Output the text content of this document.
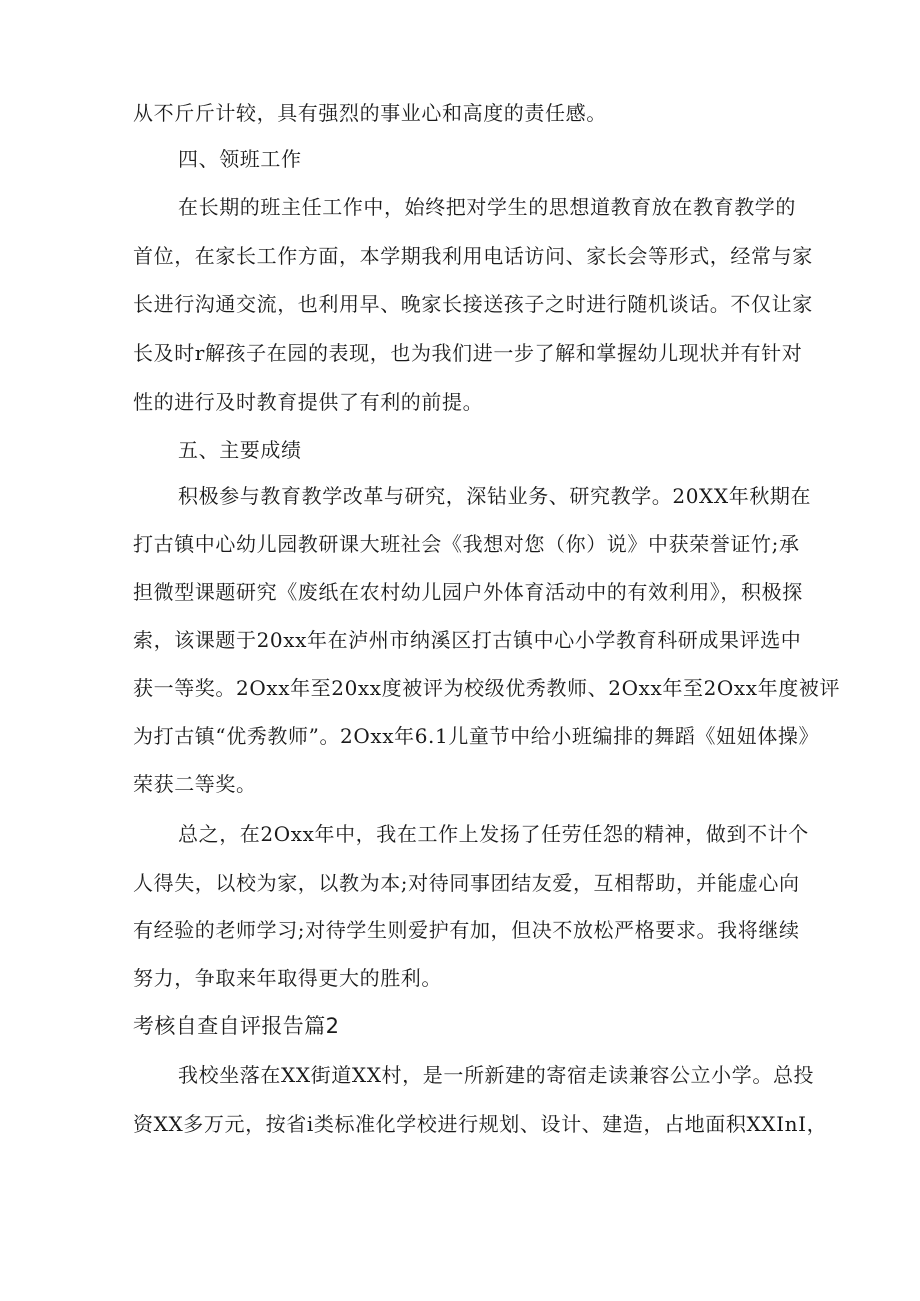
从不斤斤计较，具有强烈的事业心和高度的责任感。
四、领班工作
在长期的班主任工作中，始终把对学生的思想道教育放在教育教学的
首位，在家长工作方面，本学期我利用电话访问、家长会等形式，经常与家
长进行沟通交流，也利用早、晚家长接送孩子之时进行随机谈话。不仅让家
长及时r解孩子在园的表现，也为我们进一步了解和掌握幼儿现状并有针对
性的进行及时教育提供了有利的前提。
五、主要成绩
积极参与教育教学改革与研究，深钻业务、研究教学。20XX年秋期在
打古镇中心幼儿园教研课大班社会《我想对您（你）说》中获荣誉证竹;承
担微型课题研究《废纸在农村幼儿园户外体育活动中的有效利用》，积极探
索，该课题于20xx年在泸州市纳溪区打古镇中心小学教育科研成果评选中
获一等奖。2Oxx年至20xx度被评为校级优秀教师、2Oxx年至2Oxx年度被评
为打古镇“优秀教师”。2Oxx年6.1儿童节中给小班编排的舞蹈《妞妞体操》
荣获二等奖。
总之，在2Oxx年中，我在工作上发扬了任劳任怨的精神，做到不计个
人得失，以校为家，以教为本;对待同事团结友爱，互相帮助，并能虚心向
有经验的老师学习;对待学生则爱护有加，但决不放松严格要求。我将继续
努力，争取来年取得更大的胜利。
考核自查自评报告篇2
我校坐落在XX街道XX村，是一所新建的寄宿走读兼容公立小学。总投
资XX多万元，按省i类标准化学校进行规划、设计、建造，占地面积XXInI，
